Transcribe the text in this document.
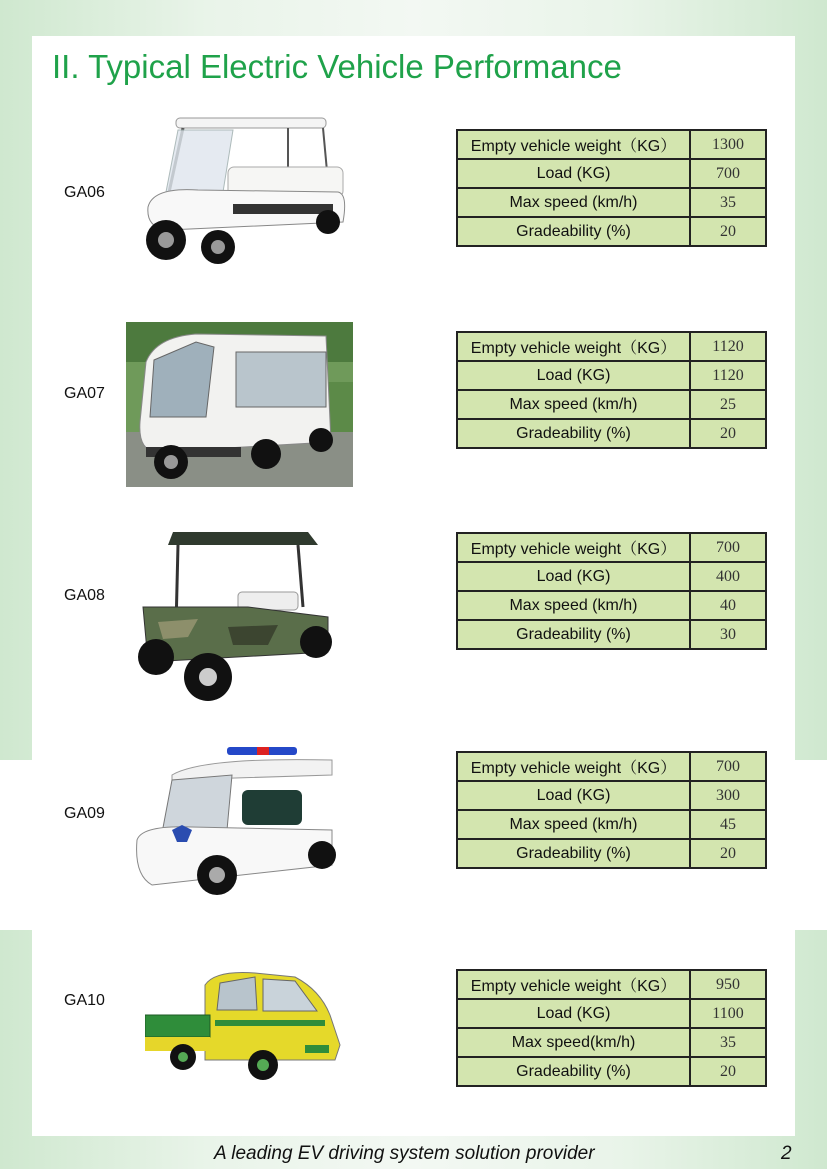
II. Typical Electric Vehicle Performance
GA06
Empty vehicle weight（KG）	1300
Load (KG)	700
Max speed (km/h)	35
Gradeability (%)	20
GA07
Empty vehicle weight（KG）	1120
Load (KG)	1120
Max speed (km/h)	25
Gradeability (%)	20
GA08
Empty vehicle weight（KG）	700
Load (KG)	400
Max speed (km/h)	40
Gradeability (%)	30
GA09
Empty vehicle weight（KG）	700
Load (KG)	300
Max speed (km/h)	45
Gradeability (%)	20
GA10
Empty vehicle weight（KG）	950
Load (KG)	1100
Max speed(km/h)	35
Gradeability (%)	20
A leading EV driving system solution provider	2
